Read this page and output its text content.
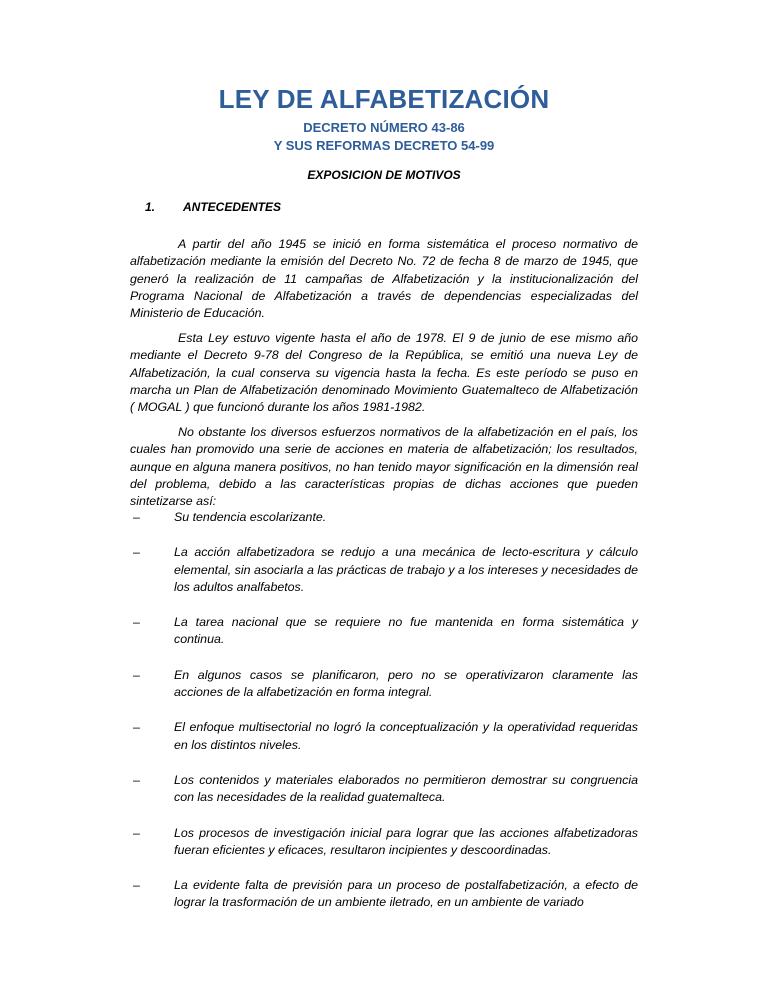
LEY DE ALFABETIZACIÓN
DECRETO NÚMERO 43-86
Y SUS REFORMAS DECRETO 54-99
EXPOSICION DE MOTIVOS
1. ANTECEDENTES

A partir del año 1945 se inició en forma sistemática el proceso normativo de alfabetización mediante la emisión del Decreto No. 72 de fecha 8 de marzo de 1945, que generó la realización de 11 campañas de Alfabetización y la institucionalización del Programa Nacional de Alfabetización a través de dependencias especializadas del Ministerio de Educación.

Esta Ley estuvo vigente hasta el año de 1978. El 9 de junio de ese mismo año mediante el Decreto 9-78 del Congreso de la República, se emitió una nueva Ley de Alfabetización, la cual conserva su vigencia hasta la fecha. Es este período se puso en marcha un Plan de Alfabetización denominado Movimiento Guatemalteco de Alfabetización ( MOGAL ) que funcionó durante los años 1981-1982.

No obstante los diversos esfuerzos normativos de la alfabetización en el país, los cuales han promovido una serie de acciones en materia de alfabetización; los resultados, aunque en alguna manera positivos, no han tenido mayor significación en la dimensión real del problema, debido a las características propias de dichas acciones que pueden sintetizarse así:

–	Su tendencia escolarizante.
–	La acción alfabetizadora se redujo a una mecánica de lecto-escritura y cálculo elemental, sin asociarla a las prácticas de trabajo y a los intereses y necesidades de los adultos analfabetos.
–	La tarea nacional que se requiere no fue mantenida en forma sistemática y continua.
–	En algunos casos se planificaron, pero no se operativizaron claramente las acciones de la alfabetización en forma integral.
–	El enfoque multisectorial no logró la conceptualización y la operatividad requeridas en los distintos niveles.
–	Los contenidos y materiales elaborados no permitieron demostrar su congruencia con las necesidades de la realidad guatemalteca.
–	Los procesos de investigación inicial para lograr que las acciones alfabetizadoras fueran eficientes y eficaces, resultaron incipientes y descoordinadas.
–	La evidente falta de previsión para un proceso de postalfabetización, a efecto de lograr la trasformación de un ambiente iletrado, en un ambiente de variado
